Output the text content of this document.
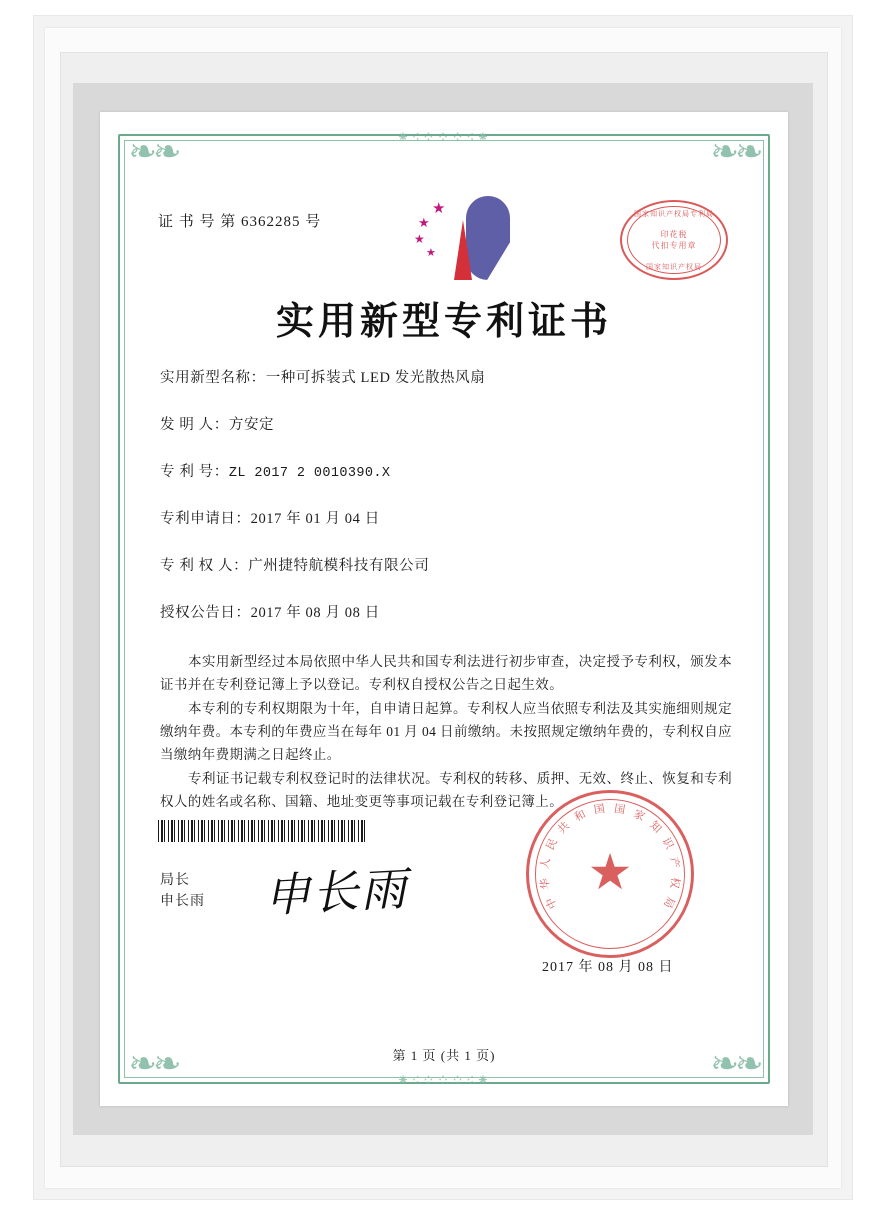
❧❧	❧❧
❧❧	❧❧
⁕⁖⁘⁘⁘⁖⁕
⁕⁖⁘⁘⁘⁖⁕
证 书 号 第 6362285 号
★
★
★
★
国家知识产权局专利局
印花税
代扣专用章
国家知识产权局
实用新型专利证书
实用新型名称：一种可拆装式 LED 发光散热风扇
发 明 人：方安定
专 利 号：ZL 2017 2 0010390.X
专利申请日：2017 年 01 月 04 日
专 利 权 人：广州捷特航模科技有限公司
授权公告日：2017 年 08 月 08 日

本实用新型经过本局依照中华人民共和国专利法进行初步审查，决定授予专利权，颁发本证书并在专利登记簿上予以登记。专利权自授权公告之日起生效。

本专利的专利权期限为十年，自申请日起算。专利权人应当依照专利法及其实施细则规定缴纳年费。本专利的年费应当在每年 01 月 04 日前缴纳。未按照规定缴纳年费的，专利权自应当缴纳年费期满之日起终止。

专利证书记载专利权登记时的法律状况。专利权的转移、质押、无效、终止、恢复和专利权人的姓名或名称、国籍、地址变更等事项记载在专利登记簿上。

局长
申长雨 申长雨	中
华
人
民
共
和 国 国 家
知
识
产
权
局
★
2017 年 08 月 08 日
第 1 页 (共 1 页)
